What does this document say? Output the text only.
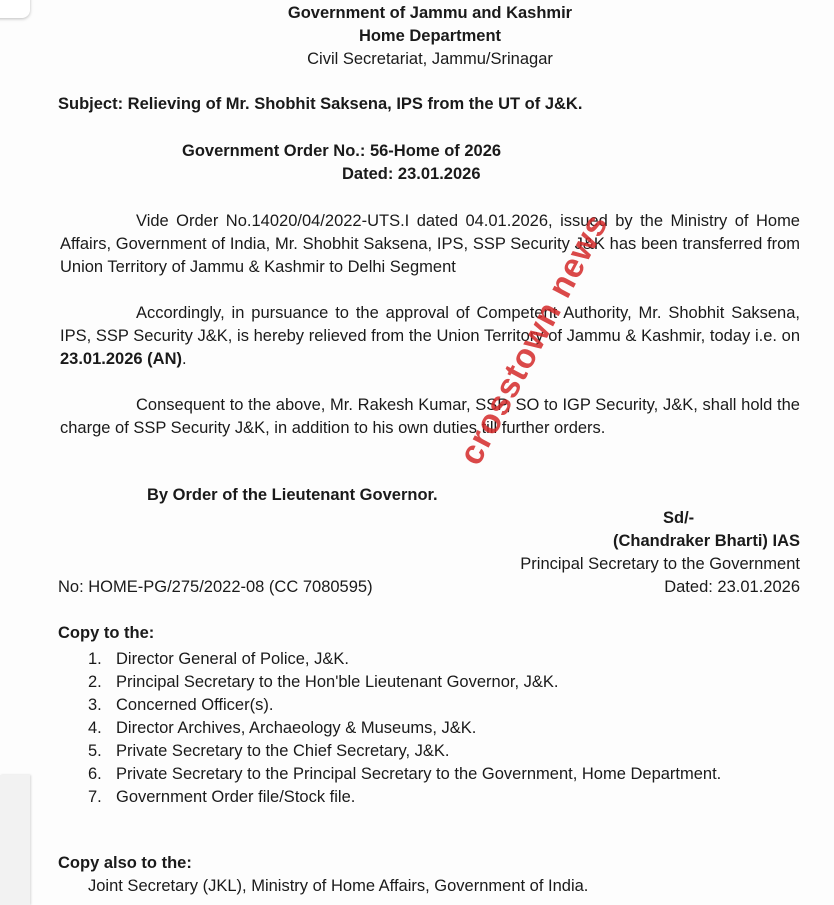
Government of Jammu and Kashmir
Home Department
Civil Secretariat, Jammu/Srinagar
Subject: Relieving of Mr. Shobhit Saksena, IPS from the UT of J&K.
Government Order No.: 56-Home of 2026
Dated: 23.01.2026
Vide Order No.14020/04/2022-UTS.I dated 04.01.2026, issued by the Ministry of Home Affairs, Government of India, Mr. Shobhit Saksena, IPS, SSP Security J&K has been transferred from Union Territory of Jammu & Kashmir to Delhi Segment
Accordingly, in pursuance to the approval of Competent Authority, Mr. Shobhit Saksena, IPS, SSP Security J&K, is hereby relieved from the Union Territory of Jammu & Kashmir, today i.e. on 23.01.2026 (AN).
Consequent to the above, Mr. Rakesh Kumar, SSP, SO to IGP Security, J&K, shall hold the charge of SSP Security J&K, in addition to his own duties till further orders.
By Order of the Lieutenant Governor.
Sd/-
(Chandraker Bharti) IAS
Principal Secretary to the Government
No: HOME-PG/275/2022-08 (CC 7080595)	Dated: 23.01.2026
Copy to the:
1. Director General of Police, J&K.
2. Principal Secretary to the Hon'ble Lieutenant Governor, J&K.
3. Concerned Officer(s).
4. Director Archives, Archaeology & Museums, J&K.
5. Private Secretary to the Chief Secretary, J&K.
6. Private Secretary to the Principal Secretary to the Government, Home Department.
7. Government Order file/Stock file.
Copy also to the:
Joint Secretary (JKL), Ministry of Home Affairs, Government of India.
crosstown news
